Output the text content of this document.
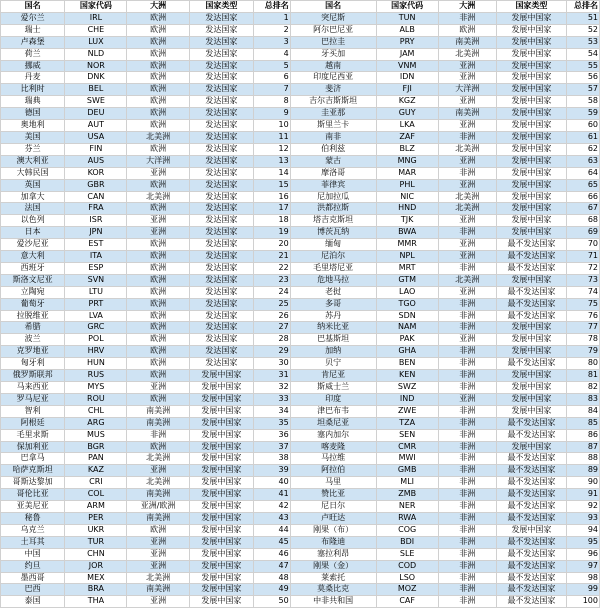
国名	国家代码	大洲	国家类型	总排名	国名	国家代码	大洲	国家类型	总排名
爱尔兰	IRL	欧洲	发达国家	1	突尼斯	TUN	非洲	发展中国家	51
瑞士	CHE	欧洲	发达国家	2	阿尔巴尼亚	ALB	欧洲	发展中国家	52
卢森堡	LUX	欧洲	发达国家	3	巴拉圭	PRY	南美洲	发展中国家	53
荷兰	NLD	欧洲	发达国家	4	牙买加	JAM	北美洲	发展中国家	54
挪威	NOR	欧洲	发达国家	5	越南	VNM	亚洲	发展中国家	55
丹麦	DNK	欧洲	发达国家	6	印度尼西亚	IDN	亚洲	发展中国家	56
比利时	BEL	欧洲	发达国家	7	斐济	FJI	大洋洲	发展中国家	57
瑞典	SWE	欧洲	发达国家	8	吉尔吉斯斯坦	KGZ	亚洲	发展中国家	58
德国	DEU	欧洲	发达国家	9	圭亚那	GUY	南美洲	发展中国家	59
奥地利	AUT	欧洲	发达国家	10	斯里兰卡	LKA	亚洲	发展中国家	60
美国	USA	北美洲	发达国家	11	南非	ZAF	非洲	发展中国家	61
芬兰	FIN	欧洲	发达国家	12	伯利兹	BLZ	北美洲	发展中国家	62
澳大利亚	AUS	大洋洲	发达国家	13	蒙古	MNG	亚洲	发展中国家	63
大韩民国	KOR	亚洲	发达国家	14	摩洛哥	MAR	非洲	发展中国家	64
英国	GBR	欧洲	发达国家	15	菲律宾	PHL	亚洲	发展中国家	65
加拿大	CAN	北美洲	发达国家	16	尼加拉瓜	NIC	北美洲	发展中国家	66
法国	FRA	欧洲	发达国家	17	洪都拉斯	HND	北美洲	发展中国家	67
以色列	ISR	亚洲	发达国家	18	塔吉克斯坦	TJK	亚洲	发展中国家	68
日本	JPN	亚洲	发达国家	19	博茨瓦纳	BWA	非洲	发展中国家	69
爱沙尼亚	EST	欧洲	发达国家	20	缅甸	MMR	亚洲	最不发达国家	70
意大利	ITA	欧洲	发达国家	21	尼泊尔	NPL	亚洲	最不发达国家	71
西班牙	ESP	欧洲	发达国家	22	毛里塔尼亚	MRT	非洲	最不发达国家	72
斯洛文尼亚	SVN	欧洲	发达国家	23	危地马拉	GTM	北美洲	发展中国家	73
立陶宛	LTU	欧洲	发达国家	24	老挝	LAO	亚洲	最不发达国家	74
葡萄牙	PRT	欧洲	发达国家	25	多哥	TGO	非洲	最不发达国家	75
拉脱维亚	LVA	欧洲	发达国家	26	苏丹	SDN	非洲	最不发达国家	76
希腊	GRC	欧洲	发达国家	27	纳米比亚	NAM	非洲	发展中国家	77
波兰	POL	欧洲	发达国家	28	巴基斯坦	PAK	亚洲	发展中国家	78
克罗地亚	HRV	欧洲	发达国家	29	加纳	GHA	非洲	发展中国家	79
匈牙利	HUN	欧洲	发达国家	30	贝宁	BEN	非洲	最不发达国家	80
俄罗斯联邦	RUS	欧洲	发展中国家	31	肯尼亚	KEN	非洲	发展中国家	81
马来西亚	MYS	亚洲	发展中国家	32	斯威士兰	SWZ	非洲	发展中国家	82
罗马尼亚	ROU	欧洲	发展中国家	33	印度	IND	亚洲	发展中国家	83
智利	CHL	南美洲	发展中国家	34	津巴布韦	ZWE	非洲	发展中国家	84
阿根廷	ARG	南美洲	发展中国家	35	坦桑尼亚	TZA	非洲	最不发达国家	85
毛里求斯	MUS	非洲	发展中国家	36	塞内加尔	SEN	非洲	最不发达国家	86
保加利亚	BGR	欧洲	发展中国家	37	喀麦隆	CMR	非洲	发展中国家	87
巴拿马	PAN	北美洲	发展中国家	38	马拉维	MWI	非洲	最不发达国家	88
哈萨克斯坦	KAZ	亚洲	发展中国家	39	阿拉伯	GMB	非洲	最不发达国家	89
哥斯达黎加	CRI	北美洲	发展中国家	40	马里	MLI	非洲	最不发达国家	90
哥伦比亚	COL	南美洲	发展中国家	41	赞比亚	ZMB	非洲	最不发达国家	91
亚美尼亚	ARM	亚洲/欧洲	发展中国家	42	尼日尔	NER	非洲	最不发达国家	92
秘鲁	PER	南美洲	发展中国家	43	卢旺达	RWA	非洲	最不发达国家	93
乌克兰	UKR	欧洲	发展中国家	44	刚果（布）	COG	非洲	发展中国家	94
土耳其	TUR	亚洲	发展中国家	45	布隆迪	BDI	非洲	最不发达国家	95
中国	CHN	亚洲	发展中国家	46	塞拉利昂	SLE	非洲	最不发达国家	96
约旦	JOR	亚洲	发展中国家	47	刚果（金）	COD	非洲	最不发达国家	97
墨西哥	MEX	北美洲	发展中国家	48	莱索托	LSO	非洲	最不发达国家	98
巴西	BRA	南美洲	发展中国家	49	莫桑比克	MOZ	非洲	最不发达国家	99
泰国	THA	亚洲	发展中国家	50	中非共和国	CAF	非洲	最不发达国家	100
